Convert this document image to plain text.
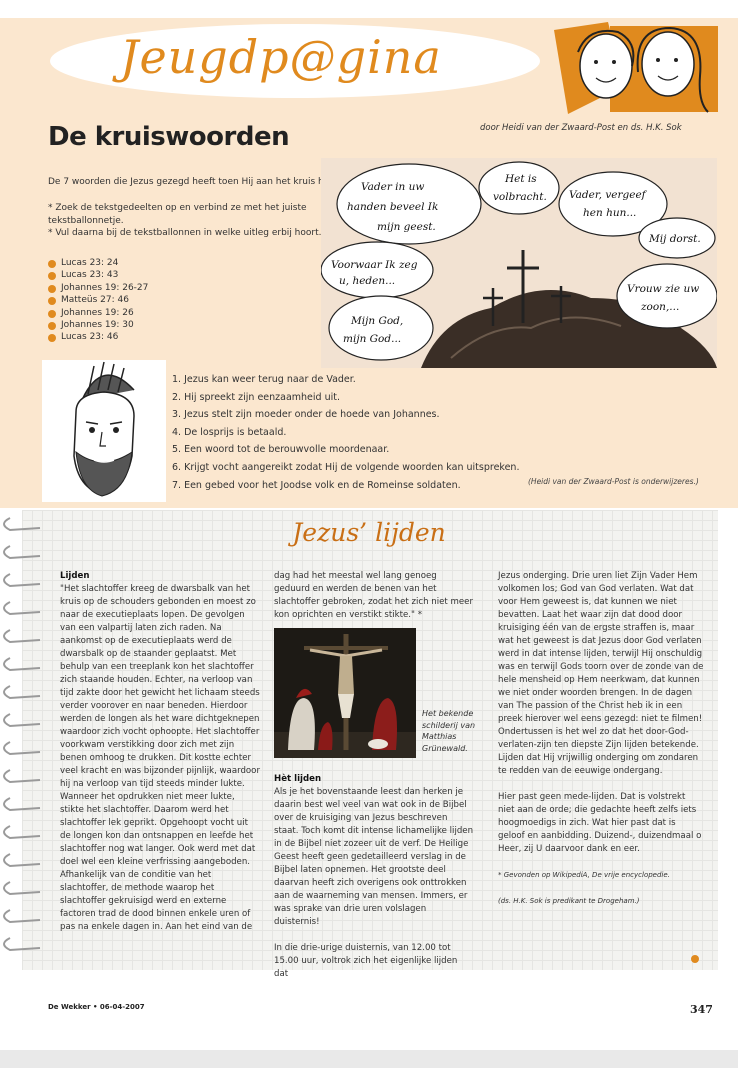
Jeugdp@gina
door Heidi van der Zwaard-Post en ds. H.K. Sok
De kruiswoorden
De 7 woorden die Jezus gezegd heeft toen Hij aan het kruis hing.
* Zoek de tekstgedeelten op en verbind ze met het juiste tekstballonnetje.
* Vul daarna bij de tekstballonnen in welke uitleg erbij hoort.
Lucas 23: 24
Lucas 23: 43
Johannes 19: 26-27
Matteüs 27: 46
Johannes 19: 26
Johannes 19: 30
Lucas 23: 46
Vader in uw
handen beveel Ik
mijn geest.
Het is
volbracht. Vader, vergeef
hen hun...
Mij dorst.
Voorwaar Ik zeg
u, heden...
Vrouw zie uw
zoon,...
Mijn God,
mijn God...
1. Jezus kan weer terug naar de Vader.
2. Hij spreekt zijn eenzaamheid uit.
3. Jezus stelt zijn moeder onder de hoede van Johannes.
4. De losprijs is betaald.
5. Een woord tot de berouwvolle moordenaar.
6. Krijgt vocht aangereikt zodat Hij de volgende woorden kan uitspreken.
7. Een gebed voor het Joodse volk en de Romeinse soldaten.	(Heidi van der Zwaard-Post is onderwijzeres.)
Jezus’ lijden
Lijden

"Het slachtoffer kreeg de dwarsbalk van het kruis op de schouders gebonden en moest zo naar de executieplaats lopen. De gevolgen van een valpartij laten zich raden. Na aankomst op de executieplaats werd de dwarsbalk op de staander geplaatst. Met behulp van een treeplank kon het slachtoffer zich staande houden. Echter, na verloop van tijd zakte door het gewicht het lichaam steeds verder voorover en naar beneden. Hierdoor werden de longen als het ware dichtgeknepen waardoor zich vocht ophoopte. Het slachtoffer voorkwam verstikking door zich met zijn benen omhoog te drukken. Dit kostte echter veel kracht en was bijzonder pijnlijk, waardoor hij na verloop van tijd steeds minder lukte. Wanneer het opdrukken niet meer lukte, stikte het slachtoffer. Daarom werd het slachtoffer lek geprikt. Opgehoopt vocht uit de longen kon dan ontsnappen en leefde het slachtoffer nog wat langer. Ook werd met dat doel wel een kleine verfrissing aangeboden. Afhankelijk van de conditie van het slachtoffer, de methode waarop het slachtoffer gekruisigd werd en externe factoren trad de dood binnen enkele uren of pas na enkele dagen in. Aan het eind van de

dag had het meestal wel lang genoeg geduurd en werden de benen van het slachtoffer gebroken, zodat het zich niet meer kon oprichten en verstikt stikte." *

Het bekende schilderij van Matthias Grünewald.
Hèt lijden

Als je het bovenstaande leest dan herken je daarin best wel veel van wat ook in de Bijbel over de kruisiging van Jezus beschreven staat. Toch komt dit intense lichamelijke lijden in de Bijbel niet zozeer uit de verf. De Heilige Geest heeft geen gedetailleerd verslag in de Bijbel laten opnemen. Het grootste deel daarvan heeft zich overigens ook onttrokken aan de waarneming van mensen. Immers, er was sprake van drie uren volslagen duisternis!

In die drie-urige duisternis, van 12.00 tot 15.00 uur, voltrok zich het eigenlijke lijden dat

Jezus onderging. Drie uren liet Zijn Vader Hem volkomen los; God van God verlaten. Wat dat voor Hem geweest is, dat kunnen we niet bevatten. Laat het waar zijn dat dood door kruisiging één van de ergste straffen is, maar wat het geweest is dat Jezus door God verlaten werd in dat intense lijden, terwijl Hij onschuldig was en terwijl Gods toorn over de zonde van de hele mensheid op Hem neerkwam, dat kunnen we niet onder woorden brengen. In de dagen van The passion of the Christ heb ik in een preek hierover wel eens gezegd: niet te filmen! Ondertussen is het wel zo dat het door-God-verlaten-zijn ten diepste Zijn lijden betekende. Lijden dat Hij vrijwillig onderging om zondaren te redden van de eeuwige ondergang.

Hier past geen mede-lijden. Dat is volstrekt niet aan de orde; die gedachte heeft zelfs iets hoogmoedigs in zich. Wat hier past dat is geloof en aanbidding. Duizend-, duizendmaal o Heer, zij U daarvoor dank en eer.

* Gevonden op WikipediA, De vrije encyclopedie.

(ds. H.K. Sok is predikant te Drogeham.)

De Wekker • 06-04-2007	347
